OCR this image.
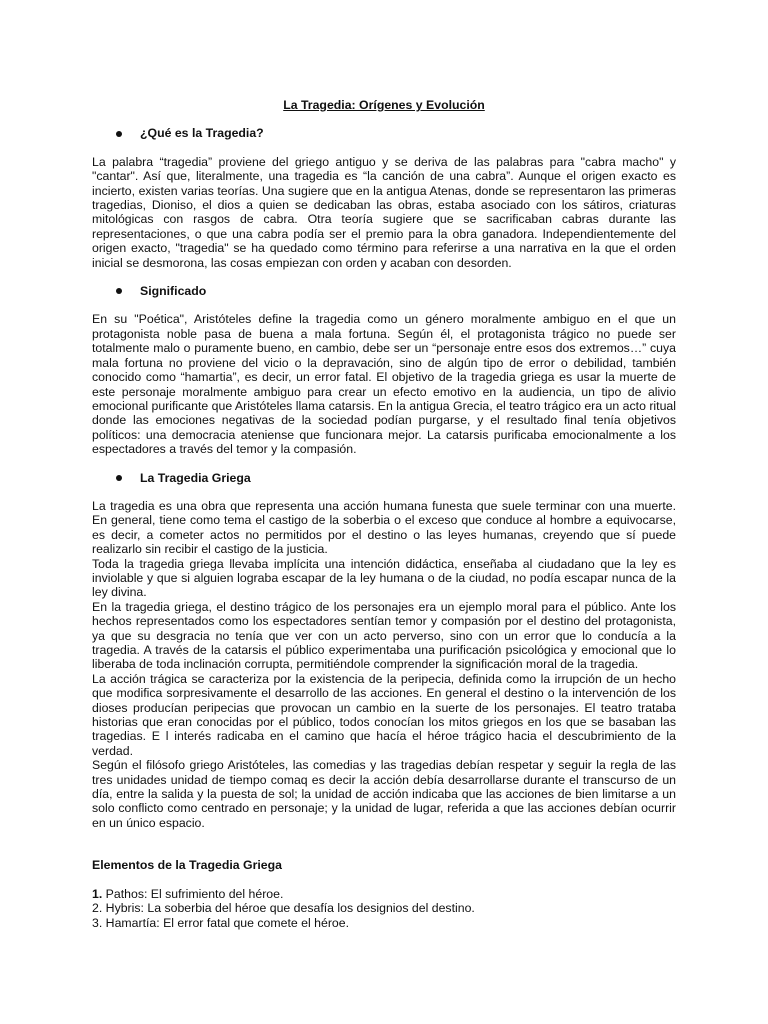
La Tragedia: Orígenes y Evolución
¿Qué es la Tragedia?

La palabra “tragedia” proviene del griego antiguo y se deriva de las palabras para "cabra macho" y "cantar". Así que, literalmente, una tragedia es “la canción de una cabra”. Aunque el origen exacto es incierto, existen varias teorías. Una sugiere que en la antigua Atenas, donde se representaron las primeras tragedias, Dioniso, el dios a quien se dedicaban las obras, estaba asociado con los sátiros, criaturas mitológicas con rasgos de cabra. Otra teoría sugiere que se sacrificaban cabras durante las representaciones, o que una cabra podía ser el premio para la obra ganadora. Independientemente del origen exacto, "tragedia" se ha quedado como término para referirse a una narrativa en la que el orden inicial se desmorona, las cosas empiezan con orden y acaban con desorden.

Significado

En su "Poética", Aristóteles define la tragedia como un género moralmente ambiguo en el que un protagonista noble pasa de buena a mala fortuna. Según él, el protagonista trágico no puede ser totalmente malo o puramente bueno, en cambio, debe ser un “personaje entre esos dos extremos…” cuya mala fortuna no proviene del vicio o la depravación, sino de algún tipo de error o debilidad, también conocido como “hamartia”, es decir, un error fatal. El objetivo de la tragedia griega es usar la muerte de este personaje moralmente ambiguo para crear un efecto emotivo en la audiencia, un tipo de alivio emocional purificante que Aristóteles llama catarsis. En la antigua Grecia, el teatro trágico era un acto ritual donde las emociones negativas de la sociedad podían purgarse, y el resultado final tenía objetivos políticos: una democracia ateniense que funcionara mejor. La catarsis purificaba emocionalmente a los espectadores a través del temor y la compasión.

La Tragedia Griega

La tragedia es una obra que representa una acción humana funesta que suele terminar con una muerte. En general, tiene como tema el castigo de la soberbia o el exceso que conduce al hombre a equivocarse, es decir, a cometer actos no permitidos por el destino o las leyes humanas, creyendo que sí puede realizarlo sin recibir el castigo de la justicia.

Toda la tragedia griega llevaba implícita una intención didáctica, enseñaba al ciudadano que la ley es inviolable y que si alguien lograba escapar de la ley humana o de la ciudad, no podía escapar nunca de la ley divina.

En la tragedia griega, el destino trágico de los personajes era un ejemplo moral para el público. Ante los hechos representados como los espectadores sentían temor y compasión por el destino del protagonista, ya que su desgracia no tenía que ver con un acto perverso, sino con un error que lo conducía a la tragedia. A través de la catarsis el público experimentaba una purificación psicológica y emocional que lo liberaba de toda inclinación corrupta, permitiéndole comprender la significación moral de la tragedia.

La acción trágica se caracteriza por la existencia de la peripecia, definida como la irrupción de un hecho que modifica sorpresivamente el desarrollo de las acciones. En general el destino o la intervención de los dioses producían peripecias que provocan un cambio en la suerte de los personajes. El teatro trataba historias que eran conocidas por el público, todos conocían los mitos griegos en los que se basaban las tragedias. E l interés radicaba en el camino que hacía el héroe trágico hacia el descubrimiento de la verdad.

Según el filósofo griego Aristóteles, las comedias y las tragedias debían respetar y seguir la regla de las tres unidades unidad de tiempo comaq es decir la acción debía desarrollarse durante el transcurso de un día, entre la salida y la puesta de sol; la unidad de acción indicaba que las acciones de bien limitarse a un solo conflicto como centrado en personaje; y la unidad de lugar, referida a que las acciones debían ocurrir en un único espacio.

Elementos de la Tragedia Griega
1. Pathos: El sufrimiento del héroe.
2. Hybris: La soberbia del héroe que desafía los designios del destino.
3. Hamartía: El error fatal que comete el héroe.
